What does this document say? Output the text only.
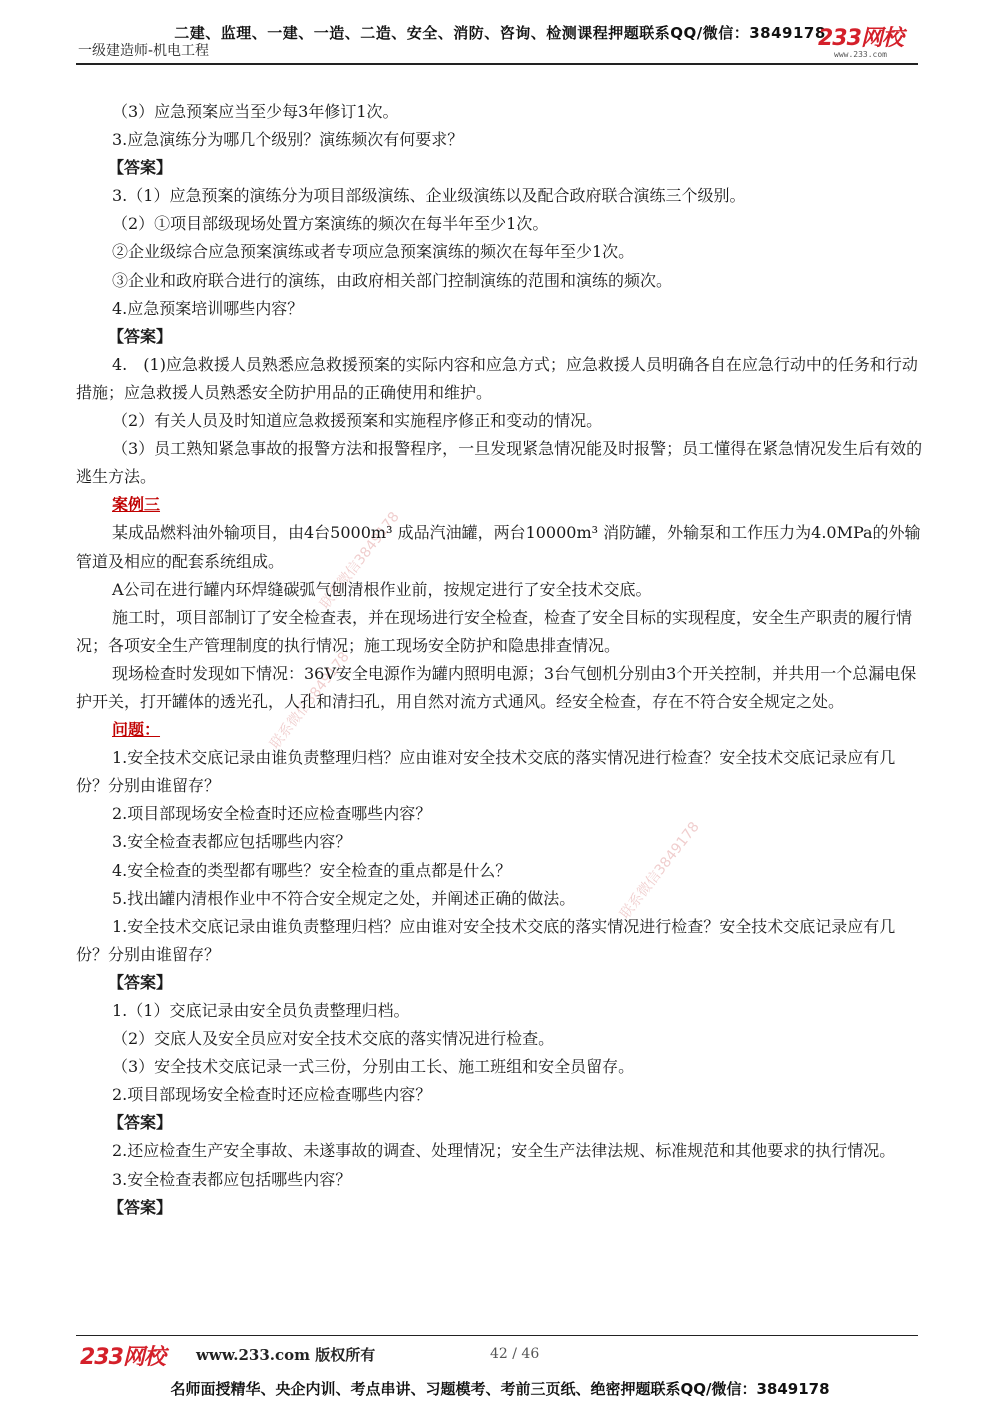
二建、监理、一建、一造、二造、安全、消防、咨询、检测课程押题联系QQ/微信：3849178
一级建造师-机电工程	233网校
www.233.com
联系微信3849178
联系微信3849178
联系微信3849178

（3）应急预案应当至少每3年修订1次。

3.应急演练分为哪几个级别？演练频次有何要求？

【答案】

3.（1）应急预案的演练分为项目部级演练、企业级演练以及配合政府联合演练三个级别。

（2）①项目部级现场处置方案演练的频次在每半年至少1次。

②企业级综合应急预案演练或者专项应急预案演练的频次在每年至少1次。

③企业和政府联合进行的演练，由政府相关部门控制演练的范围和演练的频次。

4.应急预案培训哪些内容？

【答案】

4.　(1)应急救援人员熟悉应急救援预案的实际内容和应急方式；应急救援人员明确各自在应急行动中的任务和行动措施；应急救援人员熟悉安全防护用品的正确使用和维护。

（2）有关人员及时知道应急救援预案和实施程序修正和变动的情况。

（3）员工熟知紧急事故的报警方法和报警程序，一旦发现紧急情况能及时报警；员工懂得在紧急情况发生后有效的逃生方法。

案例三

某成品燃料油外输项目，由4台5000m³ 成品汽油罐，两台10000m³ 消防罐，外输泵和工作压力为4.0MPa的外输管道及相应的配套系统组成。

A公司在进行罐内环焊缝碳弧气刨清根作业前，按规定进行了安全技术交底。

施工时，项目部制订了安全检查表，并在现场进行安全检查，检查了安全目标的实现程度，安全生产职责的履行情况；各项安全生产管理制度的执行情况；施工现场安全防护和隐患排查情况。

现场检查时发现如下情况：36V安全电源作为罐内照明电源；3台气刨机分别由3个开关控制，并共用一个总漏电保护开关，打开罐体的透光孔，人孔和清扫孔，用自然对流方式通风。经安全检查，存在不符合安全规定之处。

问题：

1.安全技术交底记录由谁负责整理归档？应由谁对安全技术交底的落实情况进行检查？安全技术交底记录应有几份？分别由谁留存？

2.项目部现场安全检查时还应检查哪些内容？

3.安全检查表都应包括哪些内容？

4.安全检查的类型都有哪些？安全检查的重点都是什么？

5.找出罐内清根作业中不符合安全规定之处，并阐述正确的做法。

1.安全技术交底记录由谁负责整理归档？应由谁对安全技术交底的落实情况进行检查？安全技术交底记录应有几份？分别由谁留存？

【答案】

1.（1）交底记录由安全员负责整理归档。

（2）交底人及安全员应对安全技术交底的落实情况进行检查。

（3）安全技术交底记录一式三份，分别由工长、施工班组和安全员留存。

2.项目部现场安全检查时还应检查哪些内容？

【答案】

2.还应检查生产安全事故、未遂事故的调查、处理情况；安全生产法律法规、标准规范和其他要求的执行情况。

3.安全检查表都应包括哪些内容？

【答案】

233网校 www.233.com 版权所有	42 / 46
名师面授精华、央企内训、考点串讲、习题模考、考前三页纸、绝密押题联系QQ/微信：3849178
